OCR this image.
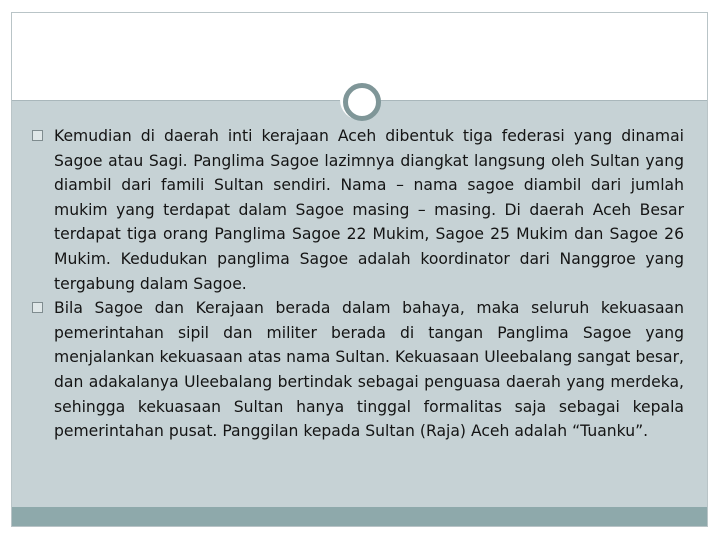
Kemudian di daerah inti kerajaan Aceh dibentuk tiga federasi yang dinamai Sagoe atau Sagi. Panglima Sagoe lazimnya diangkat langsung oleh Sultan yang diambil dari famili Sultan sendiri. Nama – nama sagoe diambil dari jumlah mukim yang terdapat dalam Sagoe masing – masing. Di daerah Aceh Besar terdapat tiga orang Panglima Sagoe 22 Mukim, Sagoe 25 Mukim dan Sagoe 26 Mukim. Kedudukan panglima Sagoe adalah koordinator dari Nanggroe yang tergabung dalam Sagoe.
Bila Sagoe dan Kerajaan berada dalam bahaya, maka seluruh kekuasaan pemerintahan sipil dan militer berada di tangan Panglima Sagoe yang menjalankan kekuasaan atas nama Sultan. Kekuasaan Uleebalang sangat besar, dan adakalanya Uleebalang bertindak sebagai penguasa daerah yang merdeka, sehingga kekuasaan Sultan hanya tinggal formalitas saja sebagai kepala pemerintahan pusat. Panggilan kepada Sultan (Raja) Aceh adalah “Tuanku”.
